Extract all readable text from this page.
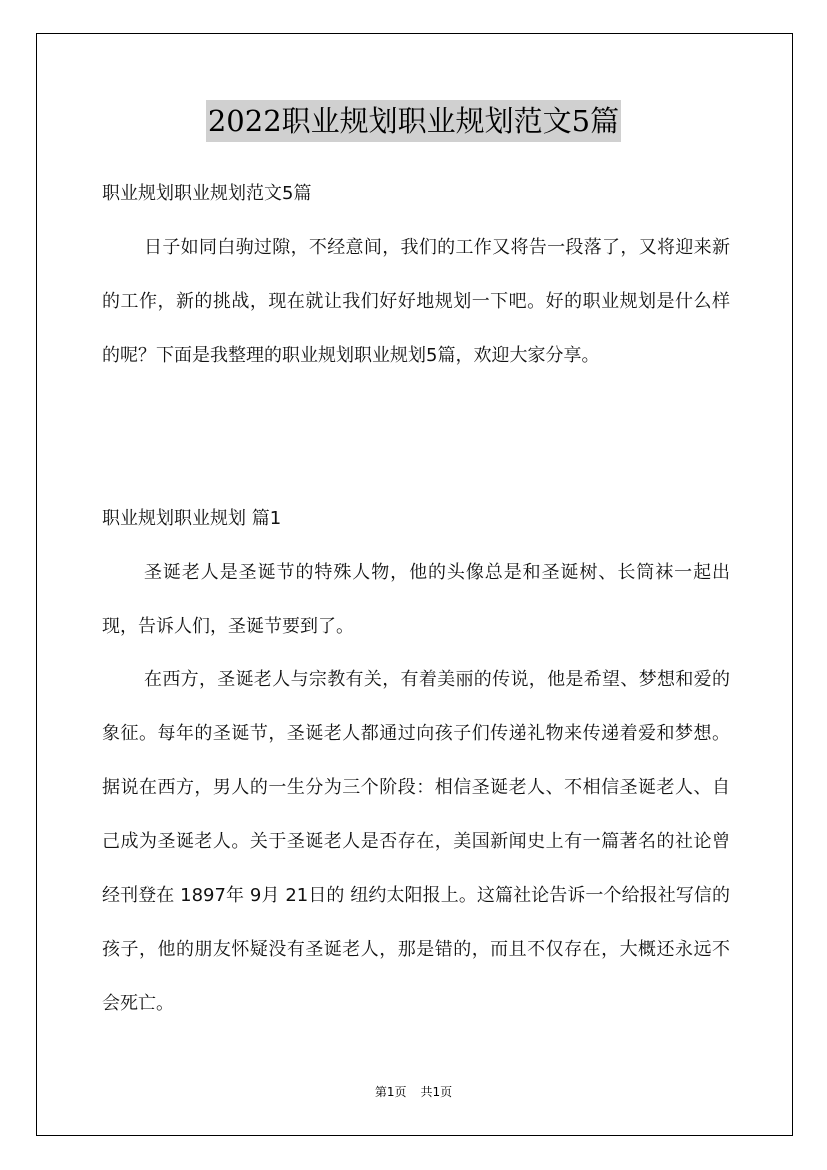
2022职业规划职业规划范文5篇
职业规划职业规划范文5篇
日子如同白驹过隙，不经意间，我们的工作又将告一段落了，又将迎来新的工作，新的挑战，现在就让我们好好地规划一下吧。好的职业规划是什么样的呢？下面是我整理的职业规划职业规划5篇，欢迎大家分享。
职业规划职业规划 篇1
圣诞老人是圣诞节的特殊人物，他的头像总是和圣诞树、长筒袜一起出现，告诉人们，圣诞节要到了。
在西方，圣诞老人与宗教有关，有着美丽的传说，他是希望、梦想和爱的象征。每年的圣诞节，圣诞老人都通过向孩子们传递礼物来传递着爱和梦想。 据说在西方，男人的一生分为三个阶段：相信圣诞老人、不相信圣诞老人、自己成为圣诞老人。关于圣诞老人是否存在，美国新闻史上有一篇著名的社论曾经刊登在 1897年 9月 21日的 纽约太阳报上。这篇社论告诉一个给报社写信的孩子，他的朋友怀疑没有圣诞老人，那是错的，而且不仅存在，大概还永远不会死亡。
第1页 共1页
